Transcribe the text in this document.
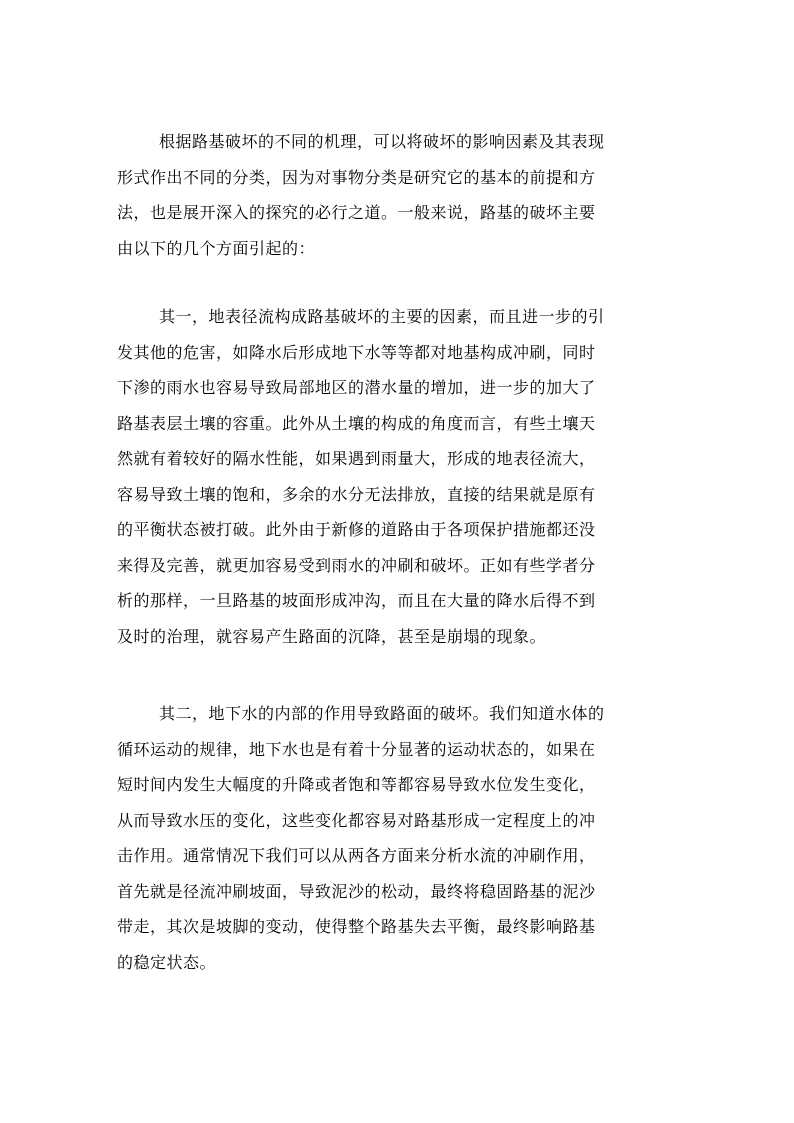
根据路基破坏的不同的机理，可以将破坏的影响因素及其表现
形式作出不同的分类，因为对事物分类是研究它的基本的前提和方
法，也是展开深入的探究的必行之道。一般来说，路基的破坏主要
由以下的几个方面引起的：
其一，地表径流构成路基破坏的主要的因素，而且进一步的引
发其他的危害，如降水后形成地下水等等都对地基构成冲刷，同时
下渗的雨水也容易导致局部地区的潜水量的增加，进一步的加大了
路基表层土壤的容重。此外从土壤的构成的角度而言，有些土壤天
然就有着较好的隔水性能，如果遇到雨量大，形成的地表径流大，
容易导致土壤的饱和，多余的水分无法排放，直接的结果就是原有
的平衡状态被打破。此外由于新修的道路由于各项保护措施都还没
来得及完善，就更加容易受到雨水的冲刷和破坏。正如有些学者分
析的那样，一旦路基的坡面形成冲沟，而且在大量的降水后得不到
及时的治理，就容易产生路面的沉降，甚至是崩塌的现象。
其二，地下水的内部的作用导致路面的破坏。我们知道水体的
循环运动的规律，地下水也是有着十分显著的运动状态的，如果在
短时间内发生大幅度的升降或者饱和等都容易导致水位发生变化，
从而导致水压的变化，这些变化都容易对路基形成一定程度上的冲
击作用。通常情况下我们可以从两各方面来分析水流的冲刷作用，
首先就是径流冲刷坡面，导致泥沙的松动，最终将稳固路基的泥沙
带走，其次是坡脚的变动，使得整个路基失去平衡，最终影响路基
的稳定状态。
